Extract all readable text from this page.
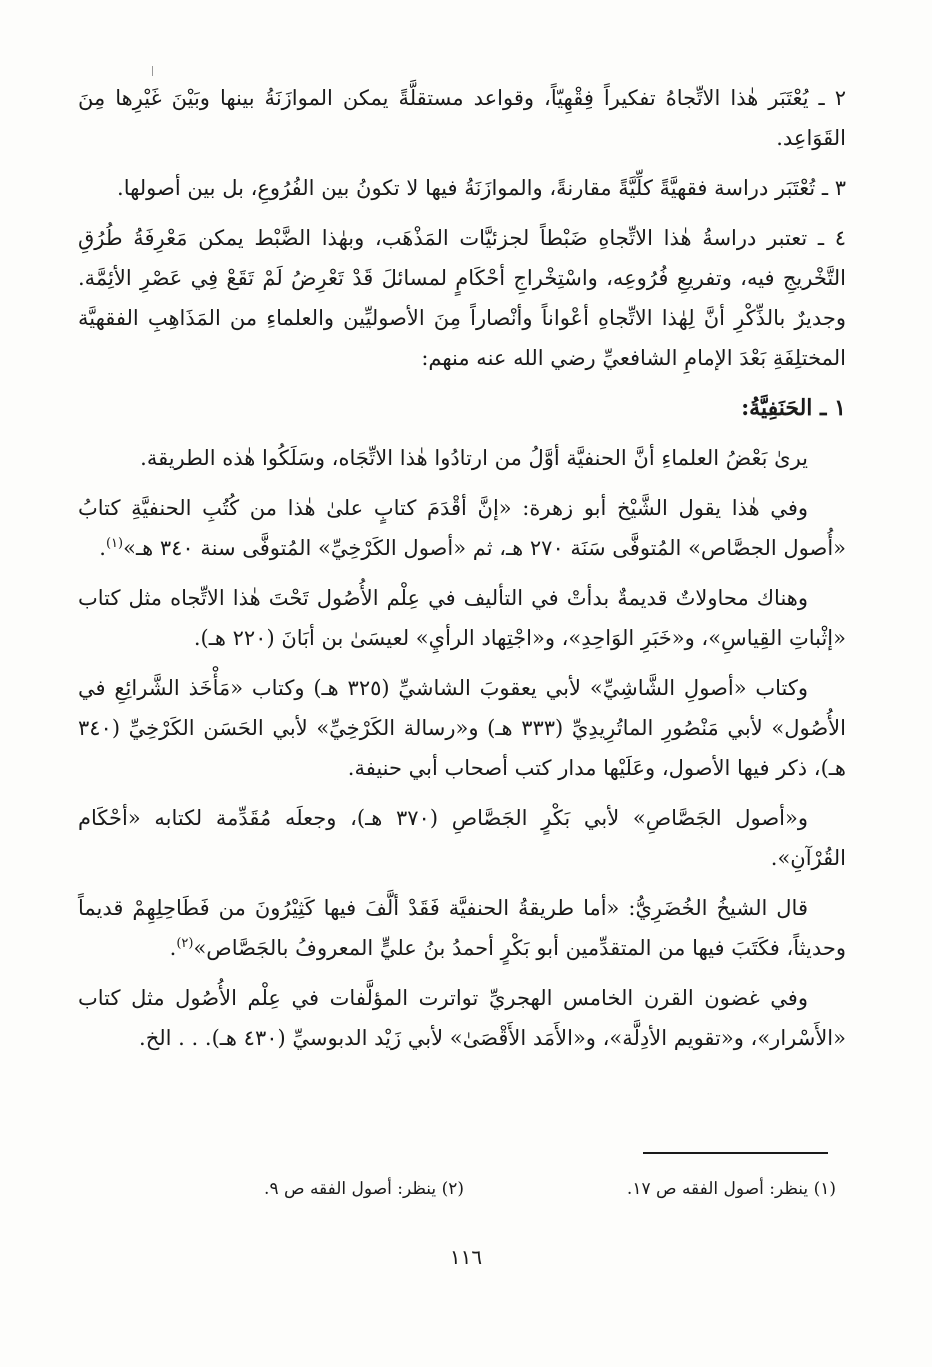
٢ ـ يُعْتَبَر هٰذا الاتِّجاهُ تفكيراً فِقْهِيّاً، وقواعد مستقلَّةً يمكن الموازَنَةُ بينها وبَيْنَ غَيْرِها مِنَ القَوَاعِد.

٣ ـ تُعْتَبَر دراسة فقهيَّةً كلِّيَّةً مقارنةً، والموازَنَةُ فيها لا تكونُ بين الفُرُوعِ، بل بين أصولها.

٤ ـ تعتبر دراسةُ هٰذا الاتِّجاهِ ضَبْطاً لجزئيَّات المَذْهَب، وبهٰذا الضَّبْط يمكن مَعْرِفَةُ طُرُقِ التَّخْريجِ فيه، وتفريعِ فُرُوعِه، واسْتِخْراجِ أحْكَامٍ لمسائلَ قَدْ تَعْرِضُ لَمْ تَقَعْ فِي عَصْرِ الأئِمَّة. وجديرٌ بالذِّكْرِ أنَّ لِهٰذا الاتِّجاهِ أعْواناً وأنْصاراً مِنَ الأصوليِّين والعلماءِ من المَذَاهِبِ الفقهيَّة المختلِفَةِ بَعْدَ الإمامِ الشافعيِّ رضي الله عنه منهم:

١ ـ الحَنَفِيَّةُ:

يرىٰ بَعْضُ العلماءِ أنَّ الحنفيَّة أوَّلُ من ارتادُوا هٰذا الاتِّجَاه، وسَلَكُوا هٰذه الطريقة.

وفي هٰذا يقول الشَّيْخ أبو زهرة: «إنَّ أقْدَمَ كتابٍ علىٰ هٰذا من كُتُبِ الحنفيَّةِ كتابُ «أُصول الجصَّاص» المُتوفَّى سَنَة ٢٧٠ هـ، ثم «أصول الكَرْخِيِّ» المُتوفَّى سنة ٣٤٠ هـ»$^{(١)}$.

وهناك محاولاتٌ قديمةٌ بدأتْ في التأليف في عِلْم الأُصُول تَحْتَ هٰذا الاتِّجاه مثل كتاب «إثْباتِ القِياسِ»، و«خَبَرِ الوَاحِدِ»، و«اجْتِهاد الرأيِ» لعيسَىٰ بن أبَانَ (٢٢٠ هـ).

وكتاب «أصولِ الشَّاشِيِّ» لأبي يعقوبَ الشاشيِّ (٣٢٥ هـ) وكتاب «مَأْخَذ الشَّرائِعِ في الأُصُول» لأبي مَنْصُورِ الماتُرِيدِيِّ (٣٣٣ هـ) و«رسالة الكَرْخِيِّ» لأبي الحَسَن الكَرْخِيِّ (٣٤٠ هـ)، ذكر فيها الأصول، وعَلَيْها مدار كتب أصحاب أبي حنيفة.

و«أصول الجَصَّاصِ» لأبي بَكْرٍ الجَصَّاصِ (٣٧٠ هـ)، وجعلَه مُقَدِّمة لكتابه «أحْكَام القُرْآنِ».

قال الشيخُ الخُضَرِيُّ: «أما طريقةُ الحنفيَّة فَقَدْ ألَّفَ فيها كَثِيْرُونَ من فَطَاحِلِهِمْ قديماً وحديثاً، فكَتَبَ فيها من المتقدِّمين أبو بَكْرٍ أحمدُ بنُ عليٍّ المعروفُ بالجَصَّاص»$^{(٢)}$.

وفي غضون القرن الخامس الهجريِّ تواترت المؤلَّفات في عِلْم الأُصُول مثل كتاب «الأَسْرار»، و«تقويم الأدِلَّة»، و«الأَمَد الأَقْصَىٰ» لأبي زَيْد الدبوسيِّ (٤٣٠ هـ). . . الخ.

(١) ينظر: أصول الفقه ص ١٧.
(٢) ينظر: أصول الفقه ص ٩.
١١٦
